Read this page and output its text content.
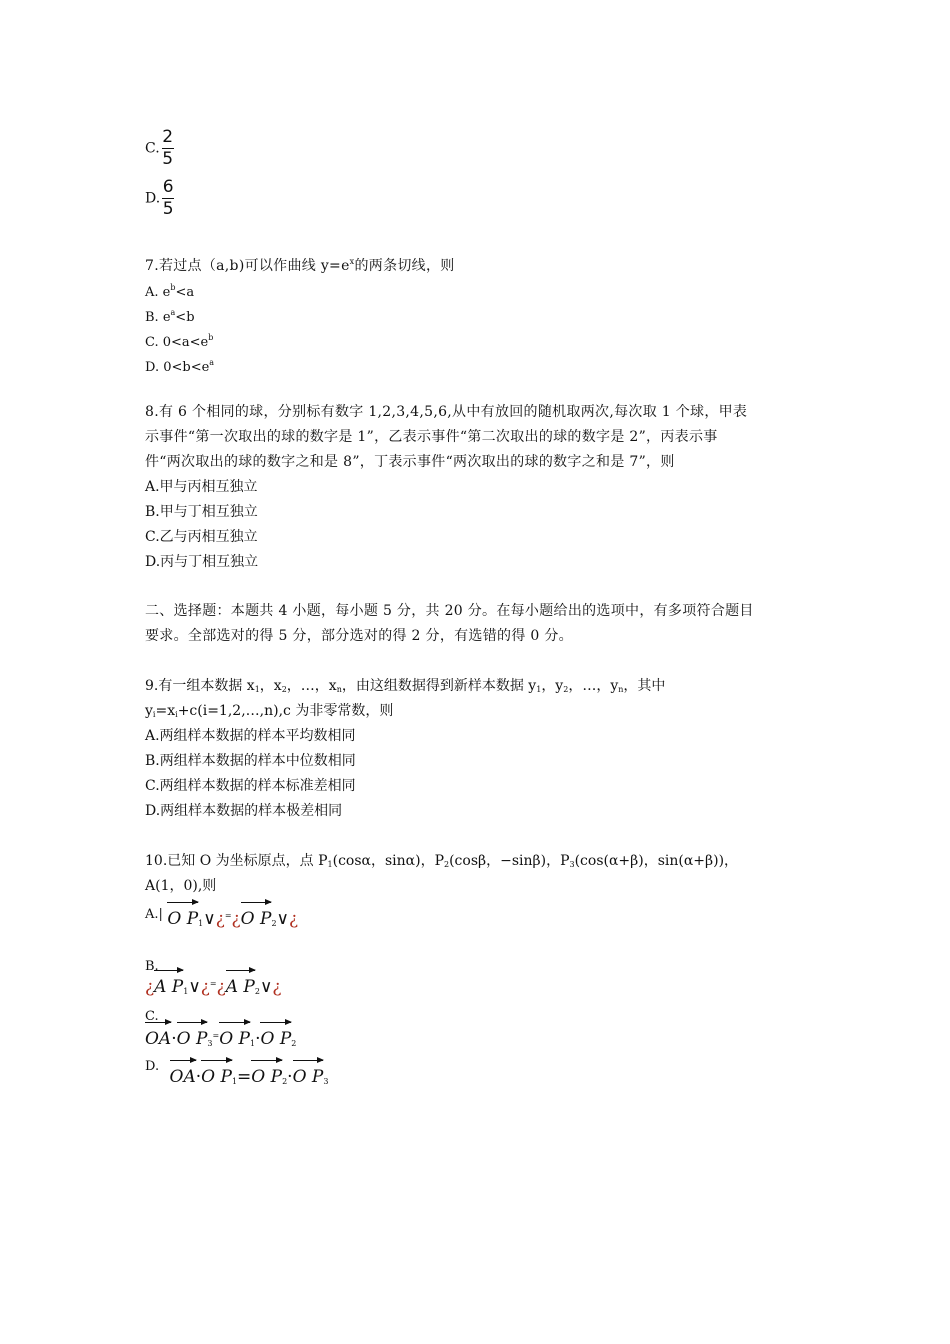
C. $\frac{2}{5}$
D. $\frac{6}{5}$
7.若过点（a,b)可以作曲线 $y=e^x$的两条切线，则
A. $e^b<a$
B. $e^a<b$
C. $0<a<e^b$
D. $0<b<e^a$
8.有 6 个相同的球，分别标有数字 1,2,3,4,5,6,从中有放回的随机取两次,每次取 1 个球，甲表
示事件“第一次取出的球的数字是 1”，乙表示事件“第二次取出的球的数字是 2”，丙表示事
件“两次取出的球的数字之和是 8”，丁表示事件“两次取出的球的数字之和是 7”，则
A.甲与丙相互独立
B.甲与丁相互独立
C.乙与丙相互独立
D.丙与丁相互独立
二、选择题：本题共 4 小题，每小题 5 分，共 20 分。在每小题给出的选项中，有多项符合题目
要求。全部选对的得 5 分，部分选对的得 2 分，有选错的得 0 分。
9.有一组本数据 $x_1$，$x_2$，…，$x_n$，由这组数据得到新样本数据 $y_1$，$y_2$，…，$y_n$，其中
$y_i=x_i+c(i=1,2,\dots,n),c$ 为非零常数，则
A.两组样本数据的样本平均数相同
B.两组样本数据的样本中位数相同
C.两组样本数据的样本标准差相同
D.两组样本数据的样本极差相同
10.已知 O 为坐标原点，点 $P_1(\cos\alpha$，sinα)，$P_2(\cos\beta$，−sinβ)，$P_3(\cos(\alpha+\beta)$，sin(α+β))，
A(1，0),则
A.| O $P_1\vee¿^=¿$
O $P_2\vee¿$
B.
¿
A $P_1\vee¿^=¿$
A $P_2\vee¿$
C.

OA·
O $P_3^=$
O $P_1\cdot$
O $P_2$
D.
OA·
O $P_1=$
O $P_2\cdot$
O $P_3$
